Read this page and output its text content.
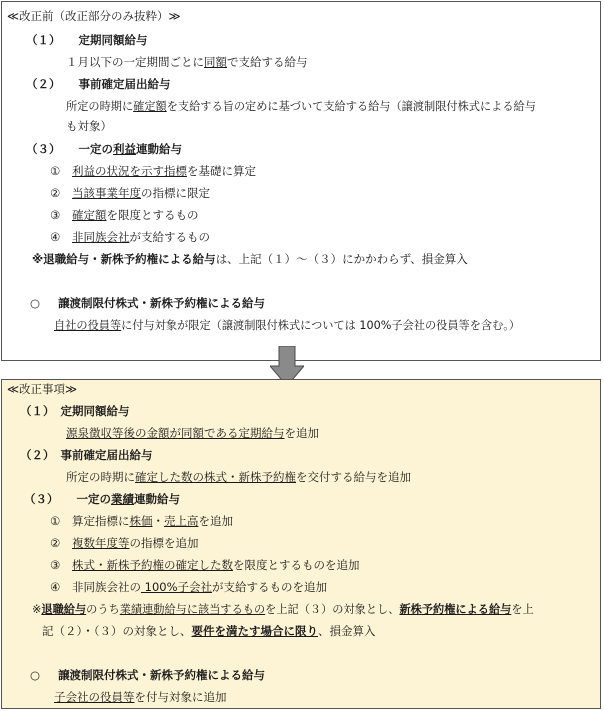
≪改正前（改正部分のみ抜粋）≫
（１） 定期同額給与
１月以下の一定期間ごとに同額で支給する給与
（２） 事前確定届出給与
所定の時期に確定額を支給する旨の定めに基づいて支給する給与（譲渡制限付株式による給与
も対象）
（３） 一定の利益連動給与
① 利益の状況を示す指標を基礎に算定
② 当該事業年度の指標に限定
③ 確定額を限度とするもの
④ 非同族会社が支給するもの
※退職給与・新株予約権による給与は、上記（１）～（３）にかかわらず、損金算入
○ 譲渡制限付株式・新株予約権による給与
自社の役員等に付与対象が限定（譲渡制限付株式については 100%子会社の役員等を含む。）
≪改正事項≫
（１） 定期同額給与
源泉徴収等後の金額が同額である定期給与を追加
（２） 事前確定届出給与
所定の時期に確定した数の株式・新株予約権を交付する給与を追加
（３） 一定の業績連動給与
① 算定指標に株価・売上高を追加
② 複数年度等の指標を追加
③ 株式・新株予約権の確定した数を限度とするものを追加
④ 非同族会社の 100%子会社が支給するものを追加
※退職給与のうち業績連動給与に該当するものを上記（３）の対象とし、新株予約権による給与を上
記（２）・（３）の対象とし、要件を満たす場合に限り、損金算入
○ 譲渡制限付株式・新株予約権による給与
子会社の役員等を付与対象に追加
